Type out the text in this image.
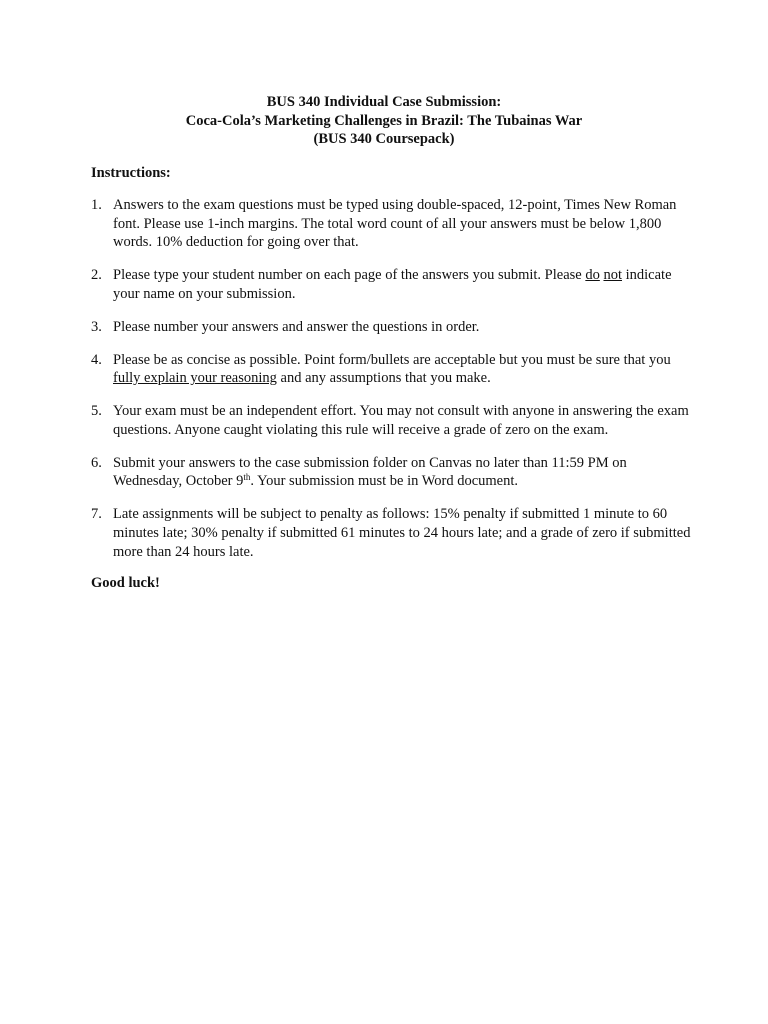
BUS 340 Individual Case Submission:
Coca-Cola’s Marketing Challenges in Brazil: The Tubainas War
(BUS 340 Coursepack)
Instructions:
1. Answers to the exam questions must be typed using double-spaced, 12-point, Times New Roman font. Please use 1-inch margins. The total word count of all your answers must be below 1,800 words. 10% deduction for going over that.
2. Please type your student number on each page of the answers you submit. Please do not indicate your name on your submission.
3. Please number your answers and answer the questions in order.
4. Please be as concise as possible. Point form/bullets are acceptable but you must be sure that you fully explain your reasoning and any assumptions that you make.
5. Your exam must be an independent effort. You may not consult with anyone in answering the exam questions. Anyone caught violating this rule will receive a grade of zero on the exam.
6. Submit your answers to the case submission folder on Canvas no later than 11:59 PM on Wednesday, October 9th. Your submission must be in Word document.
7. Late assignments will be subject to penalty as follows: 15% penalty if submitted 1 minute to 60 minutes late; 30% penalty if submitted 61 minutes to 24 hours late; and a grade of zero if submitted more than 24 hours late.
Good luck!
